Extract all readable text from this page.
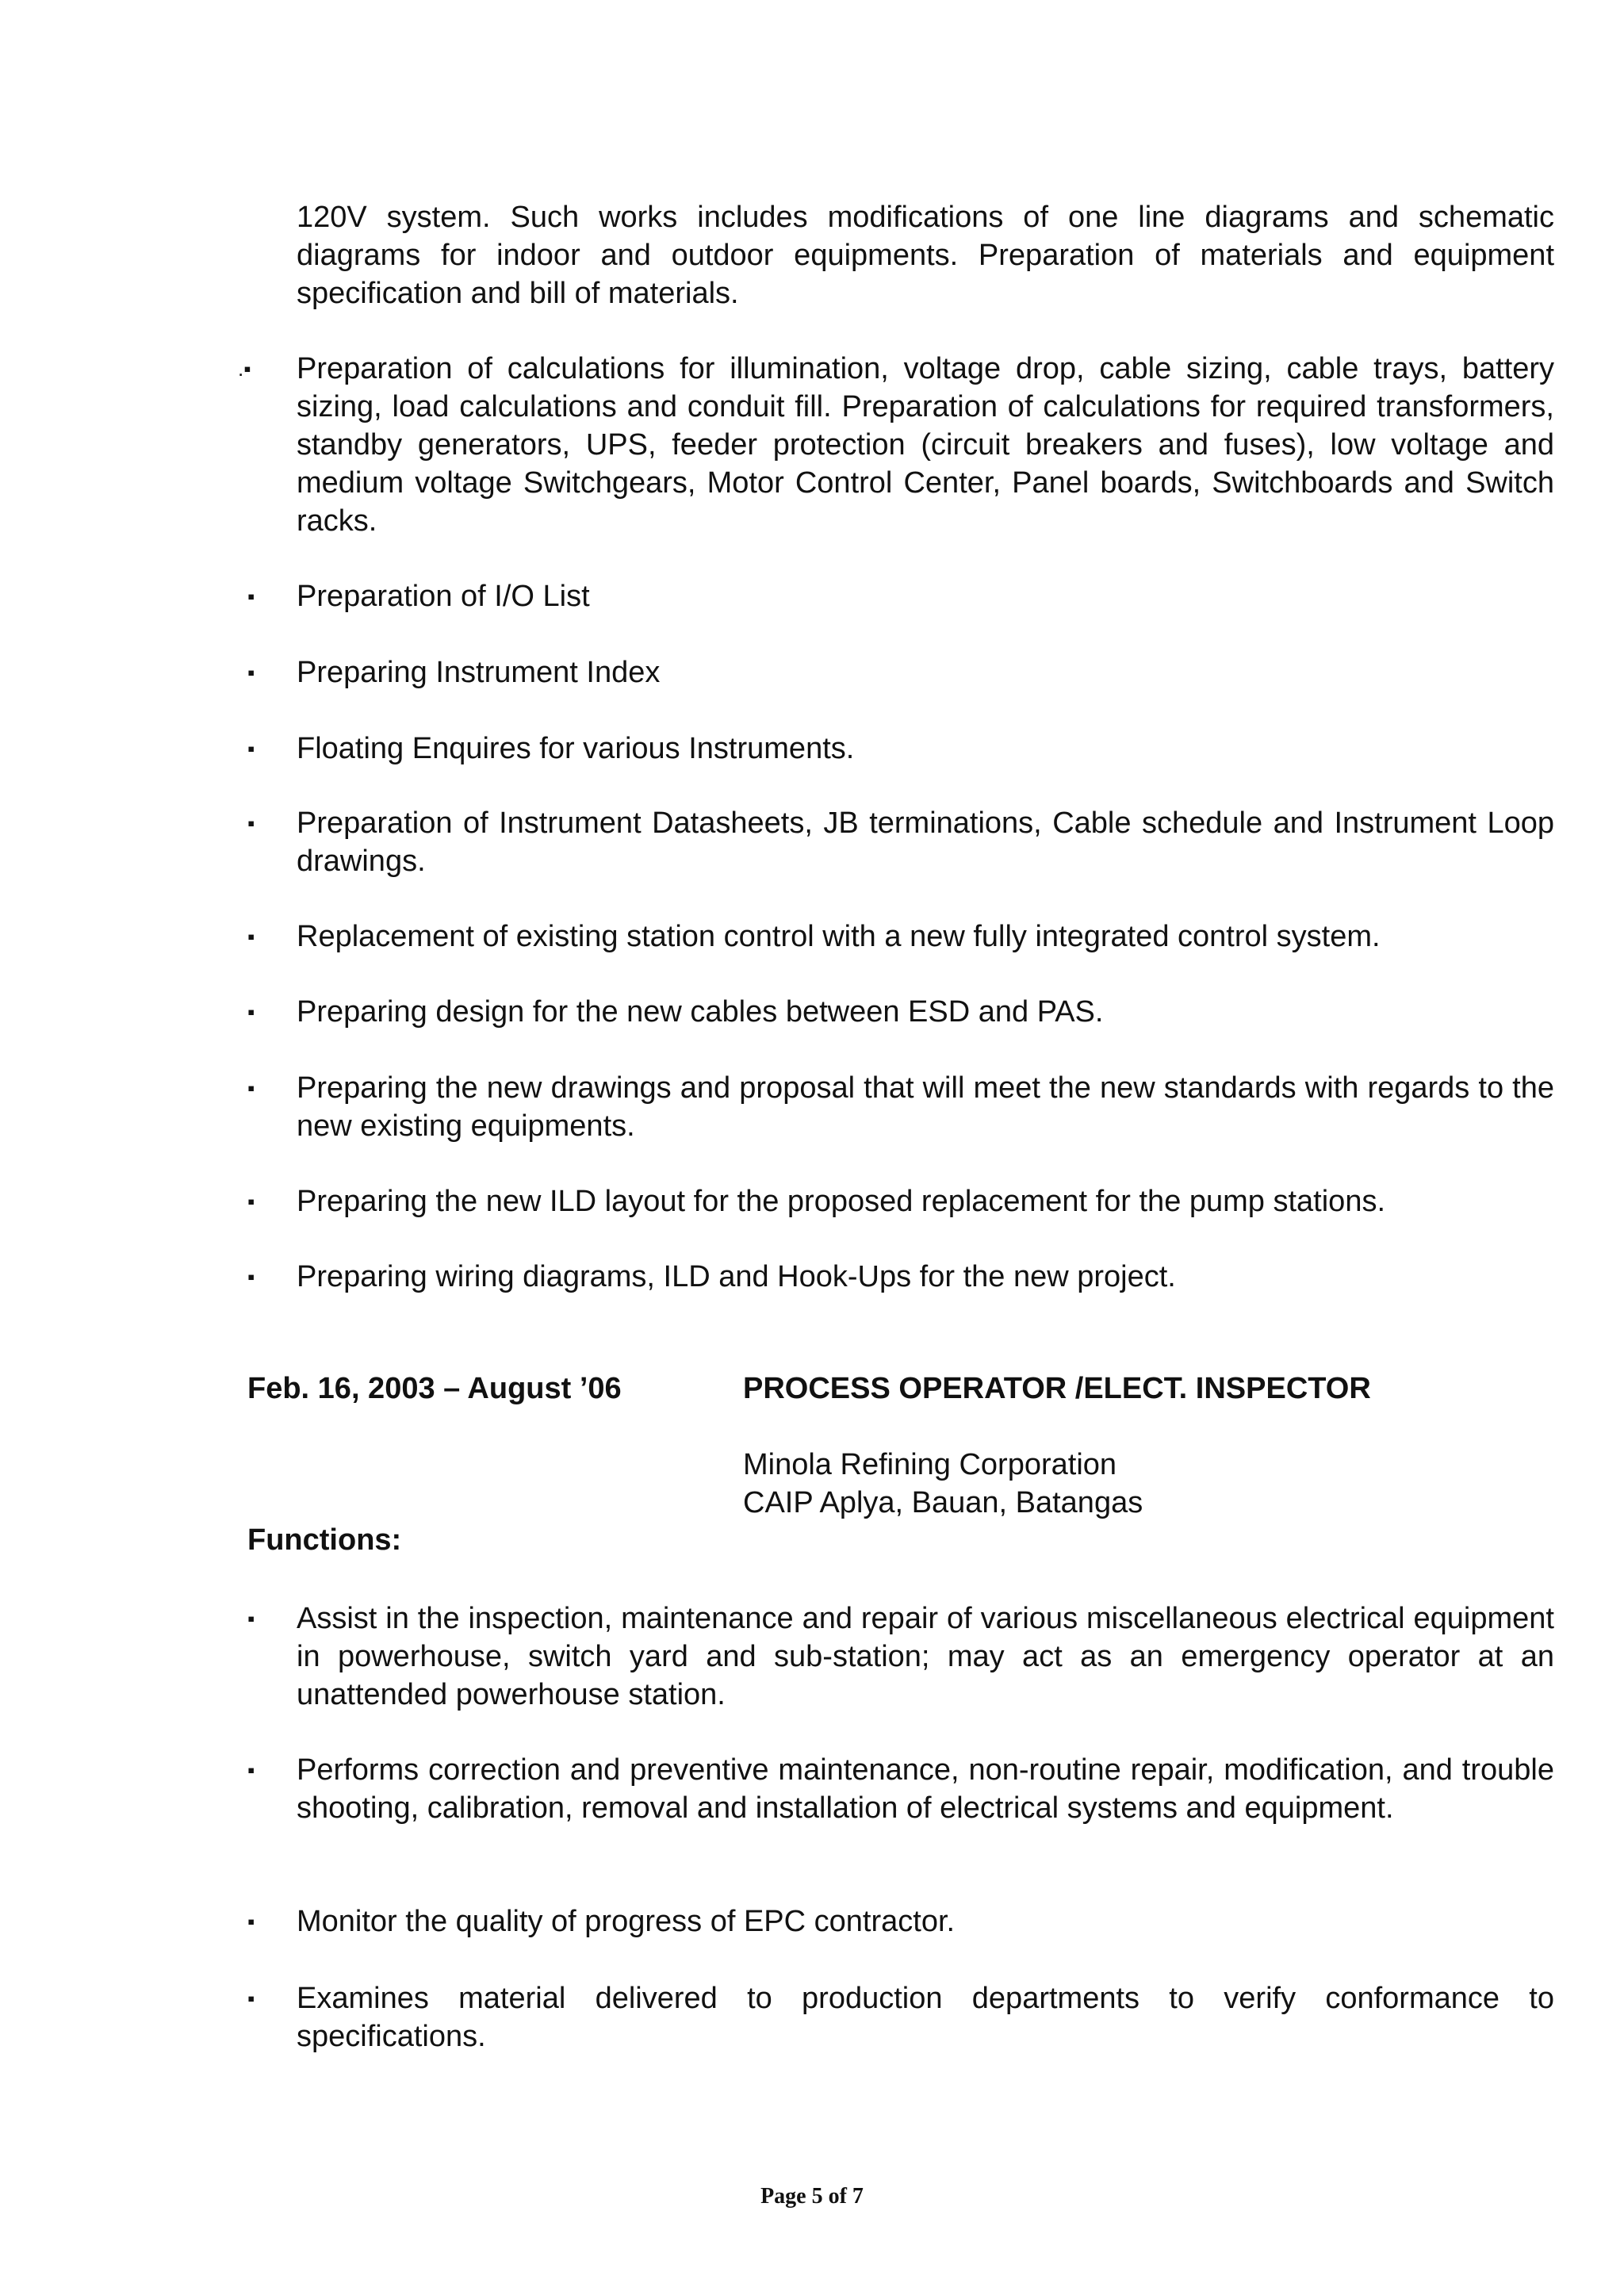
120V system. Such works includes modifications of one line diagrams and schematic diagrams for indoor and outdoor equipments. Preparation of materials and equipment specification and bill of materials.

.▪ Preparation of calculations for illumination, voltage drop, cable sizing, cable trays, battery sizing, load calculations and conduit fill. Preparation of calculations for required transformers, standby generators, UPS, feeder protection (circuit breakers and fuses), low voltage and medium voltage Switchgears, Motor Control Center, Panel boards, Switchboards and Switch racks.

▪ Preparation of I/O List

▪ Preparing Instrument Index

▪ Floating Enquires for various Instruments.

▪ Preparation of Instrument Datasheets, JB terminations, Cable schedule and Instrument Loop drawings.

▪ Replacement of existing station control with a new fully integrated control system.

▪ Preparing design for the new cables between ESD and PAS.

▪ Preparing the new drawings and proposal that will meet the new standards with regards to the new existing equipments.

▪ Preparing the new ILD layout for the proposed replacement for the pump stations.

▪ Preparing wiring diagrams, ILD and Hook-Ups for the new project.

Feb. 16, 2003 – August ’06	PROCESS OPERATOR /ELECT. INSPECTOR

Minola Refining Corporation

CAIP Aplya, Bauan, Batangas

Functions:

▪ Assist in the inspection, maintenance and repair of various miscellaneous electrical equipment in powerhouse, switch yard and sub-station; may act as an emergency operator at an unattended powerhouse station.

▪ Performs correction and preventive maintenance, non-routine repair, modification, and trouble shooting, calibration, removal and installation of electrical systems and equipment.

▪ Monitor the quality of progress of EPC contractor.

▪ Examines material delivered to production departments to verify conformance to specifications.

Page 5 of 7
